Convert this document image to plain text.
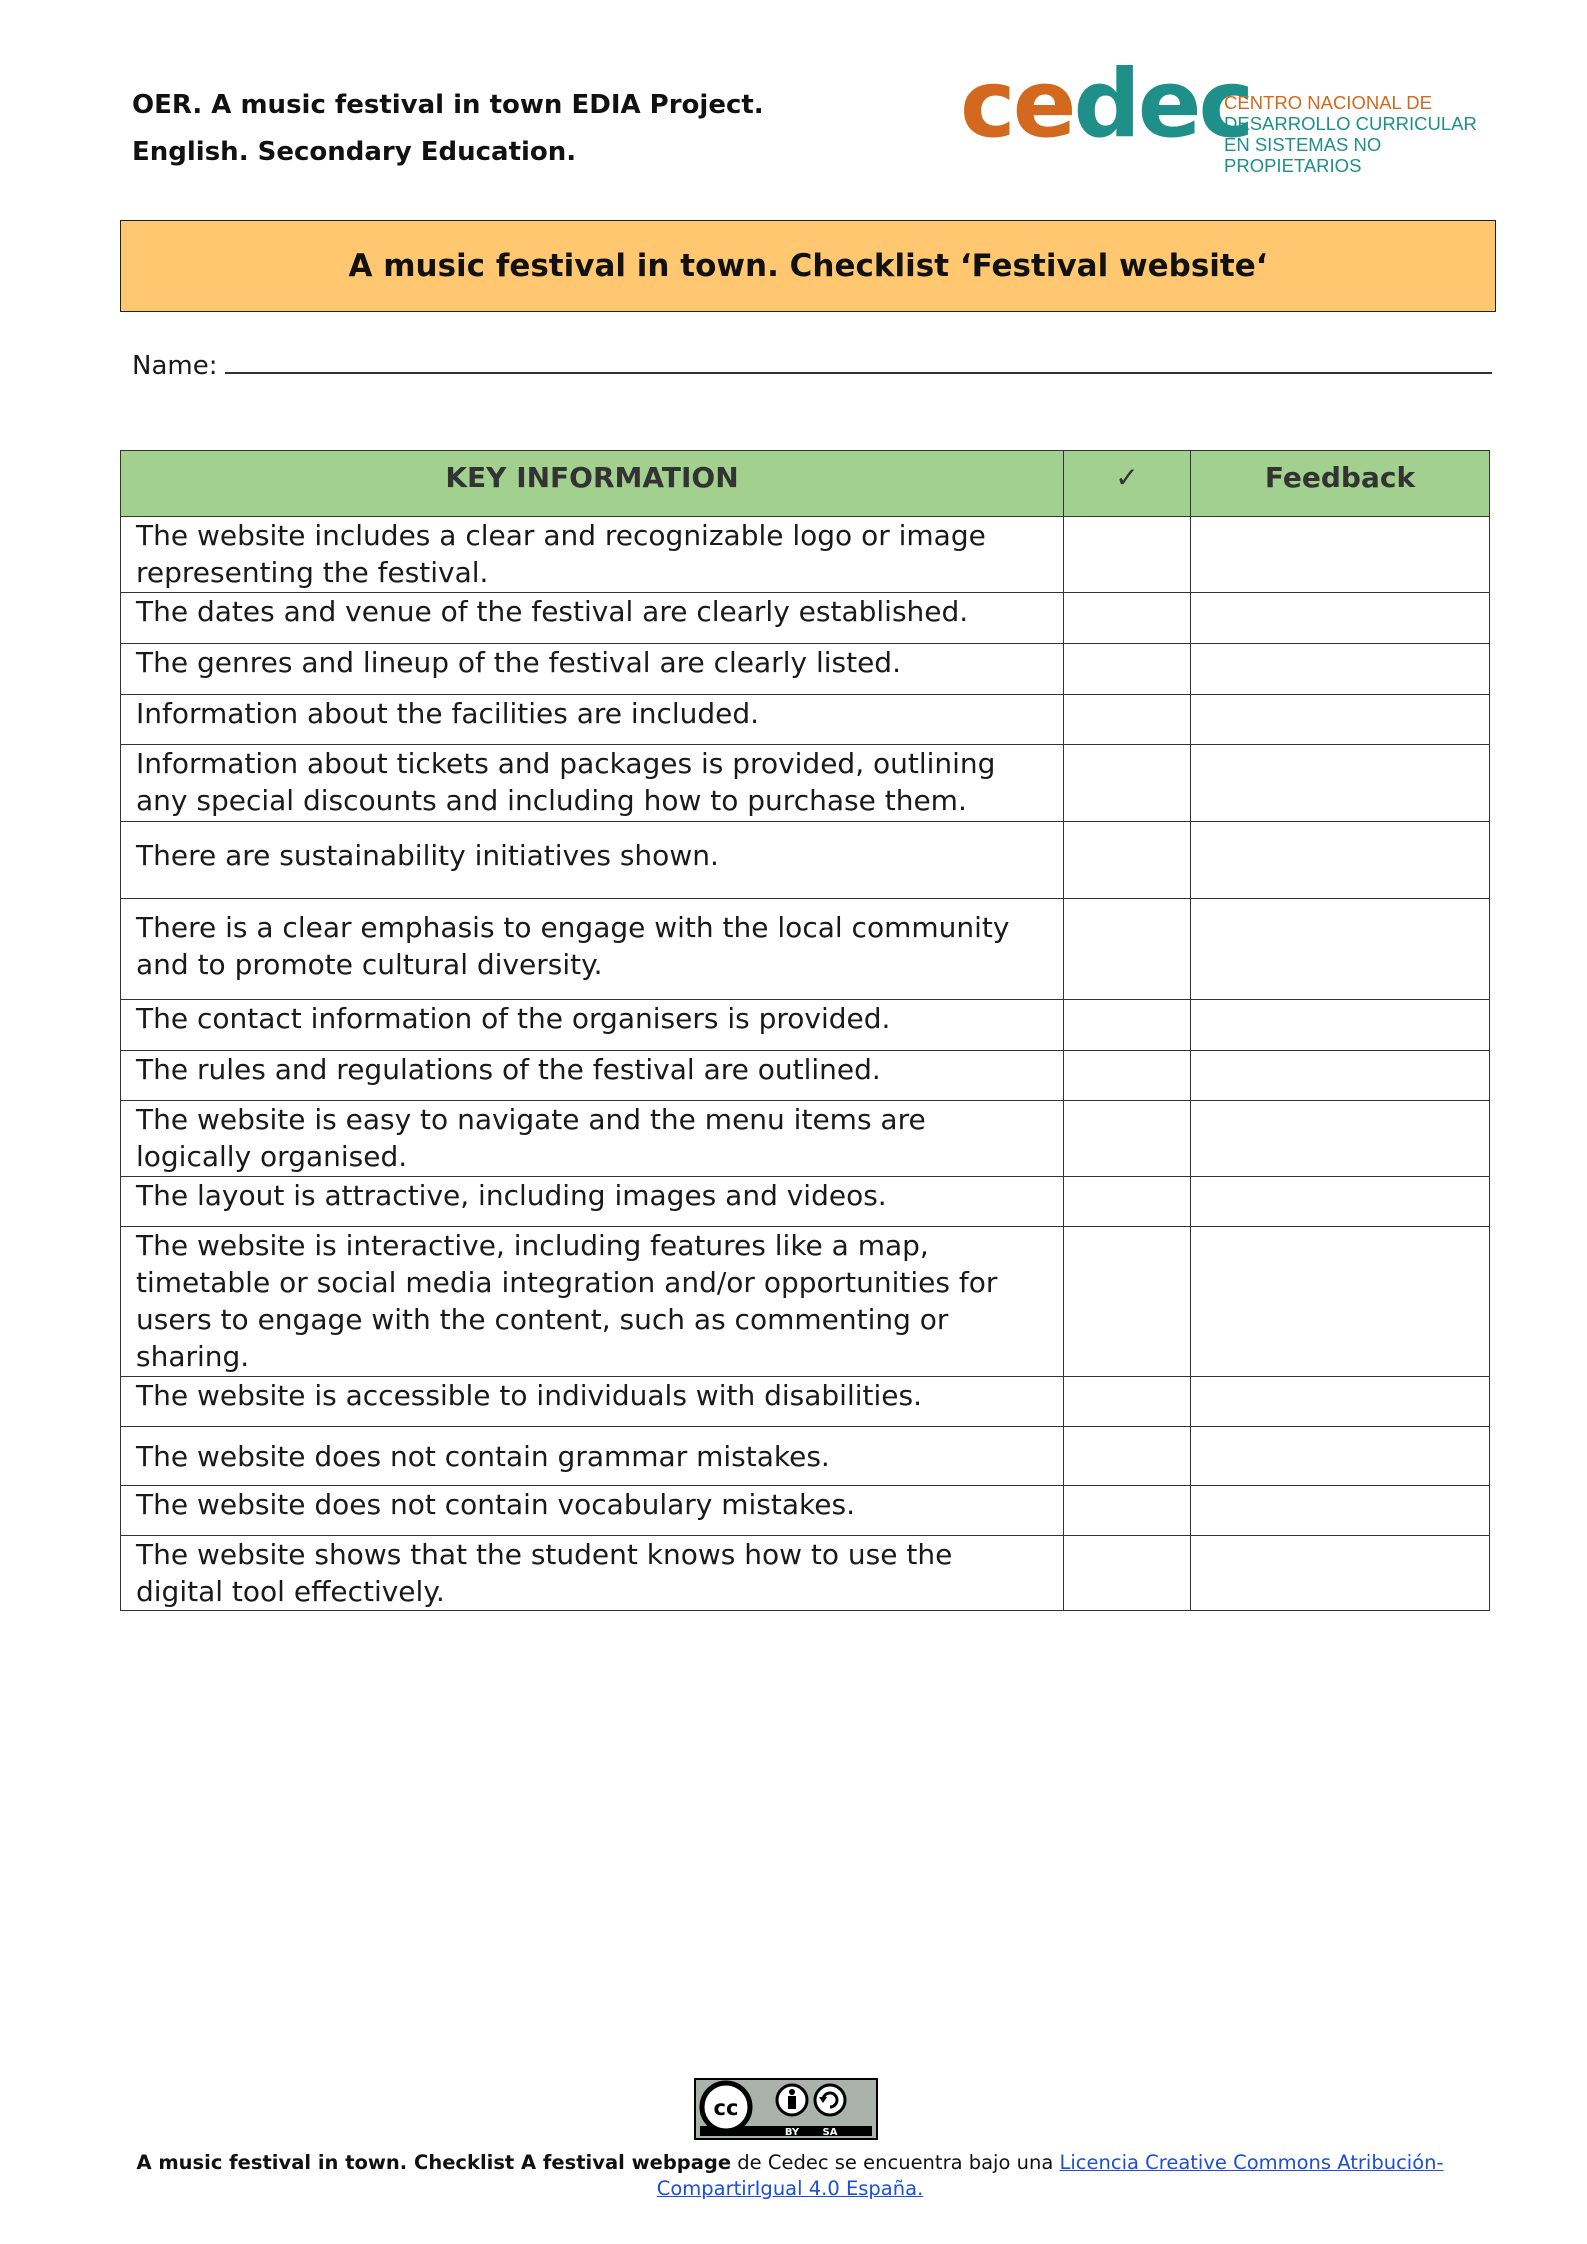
OER. A music festival in town EDIA Project.
English. Secondary Education.	cedec
CENTRO NACIONAL DE
DESARROLLO CURRICULAR
EN SISTEMAS NO PROPIETARIOS
A music festival in town. Checklist ‘Festival website‘
Name:
KEY INFORMATION	✓	Feedback
The website includes a clear and recognizable logo or image representing the festival.		
The dates and venue of the festival are clearly established.		
The genres and lineup of the festival are clearly listed.		
Information about the facilities are included.		
Information about tickets and packages is provided, outlining any special discounts and including how to purchase them.		
There are sustainability initiatives shown.		
There is a clear emphasis to engage with the local community and to promote cultural diversity.		
The contact information of the organisers is provided.		
The rules and regulations of the festival are outlined.		
The website is easy to navigate and the menu items are logically organised.		
The layout is attractive, including images and videos.		
The website is interactive, including features like a map, timetable or social media integration and/or opportunities for users to engage with the content, such as commenting or sharing.		
The website is accessible to individuals with disabilities.		
The website does not contain grammar mistakes.		
The website does not contain vocabulary mistakes.		
The website shows that the student knows how to use the digital tool effectively.		
cc
BY SA
A music festival in town. Checklist A festival webpage de Cedec se encuentra bajo una Licencia Creative Commons Atribución-CompartirIgual 4.0 España.
